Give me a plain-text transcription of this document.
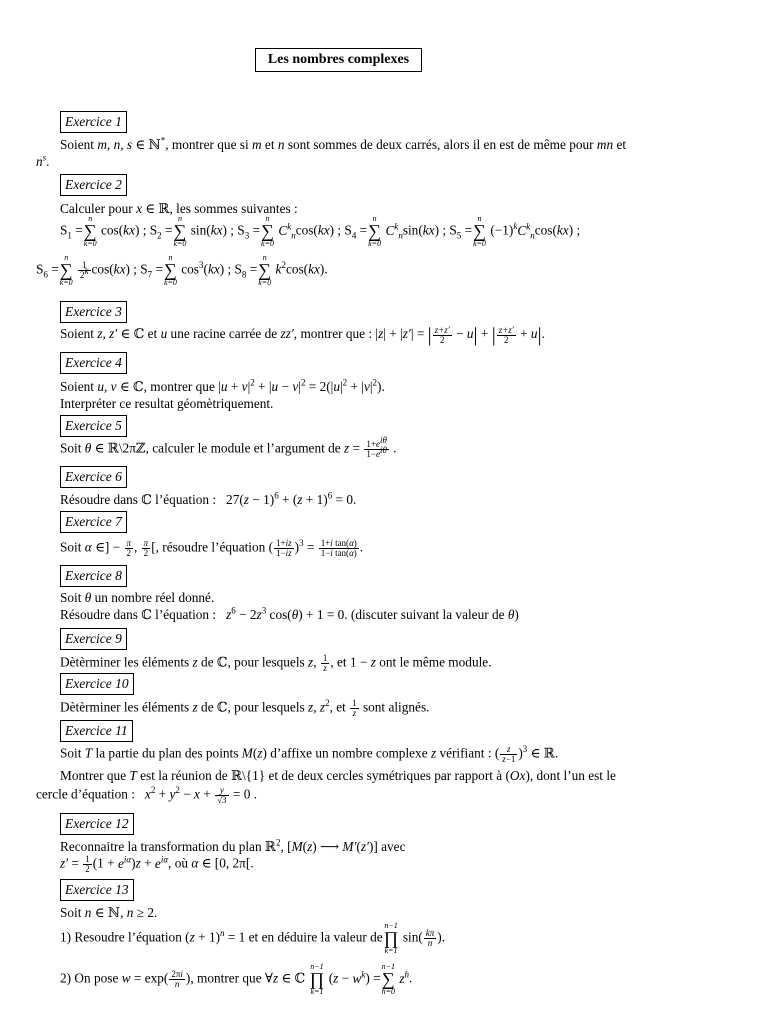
Les nombres complexes
Exercice 1
Soient m, n, s ∈ ℕ*, montrer que si m et n sont sommes de deux carrés, alors il en est de même pour mn et
$n^s$.
Exercice 2
Calculer pour x ∈ ℝ, les sommes suivantes :
$S_1$ =
n
∑
k=0
cos(kx) ; $S_2$ =
n
∑
k=0
sin(kx) ; $S_3$ =
n
∑
k=0
$C^k_n\cos(kx)$ ; $S_4$ =
n
∑
k=0
$C^k_n\sin(kx)$ ; $S_5$ =
n
∑
k=0
$(-1)^kC^k_n\cos(kx)$ ;
$S_6$ =
n
∑
k=0

$\frac{1}{2^k} \cos(kx)$ ; $S_7$ =
n
∑
k=0
$\cos^3(kx)$ ; $S_8$ =
n
∑
k=0
$k^2\cos(kx)$.
Exercice 3
Soient z, z′ ∈ ℂ et u une racine carrée de zz′, montrer que : |z| + |z′| = | $\frac{z+z'}{2} - u|$ + | $\frac{z+z'}{2} + u|$.
Exercice 4
Soient u, v ∈ ℂ, montrer que $|u + v|^2 + |u - v|^2 = 2(|u|^2 + |v|^2)$.
Interpréter ce resultat géomètriquement.
Exercice 5
Soit θ ∈ ℝ\2πℤ, calculer le module et l’argument de $z = \frac{1+e^{i\theta}}{1-e^{i\theta}}$ .
Exercice 6
Résoudre dans ℂ l’équation :   $27(z - 1)^6 + (z + 1)^6 = 0$.
Exercice 7
Soit α ∈] − $\frac{\pi}{2}$ , $\frac{\pi}{2}$ [, résoudre l’équation ( $\frac{1+iz}{1-iz} )^3 = \frac{\text{1+i tan(α)}}{\text{1−i tan(α)}}$ .
Exercice 8
Soit θ un nombre réel donné.
Résoudre dans ℂ l’équation :   $z^6 - 2z^3$ cos(θ) + 1 = 0. (discuter suivant la valeur de θ)
Exercice 9
Dètèrminer les éléments z de ℂ, pour lesquels z, $\frac{1}{z}$ , et 1 − z ont le même module.
Exercice 10
Dètèrminer les éléments z de ℂ, pour lesquels z, $z^2$, et $\frac{1}{z}$ sont alignés.
Exercice 11
Soit T la partie du plan des points M(z) d’affixe un nombre complexe z vérifiant : ( $\frac{z}{z-1} )^3$ ∈ ℝ.
Montrer que T est la réunion de ℝ\{1} et de deux cercles symétriques par rapport à (Ox), dont l’un est le
cercle d’équation :   $x^2 + y^2 - x + \frac{y}{√3} = 0$ .
Exercice 12
Reconnaitre la transformation du plan ℝ$^2$, [M(z) ⟶ M′(z′)] avec
$z' = \frac{1}{2} (1 + e^{i\alpha})z + e^{i\alpha}$, où α ∈ [0, 2π[.
Exercice 13
Soit n ∈ ℕ, n ≥ 2.
1) Resoudre l’équation $(z + 1)^n = 1$ et en déduire la valeur de
n−1
∏
k=1
$\sin( \frac{k\pi}{n}$ ).
2) On pose $w = \exp( \frac{2\pi i}{n}$ ), montrer que ∀z ∈ ℂ
n−1
∏
k=1
$(z - w^k)$ =
n−1
∑
h=0
$z^h$.
